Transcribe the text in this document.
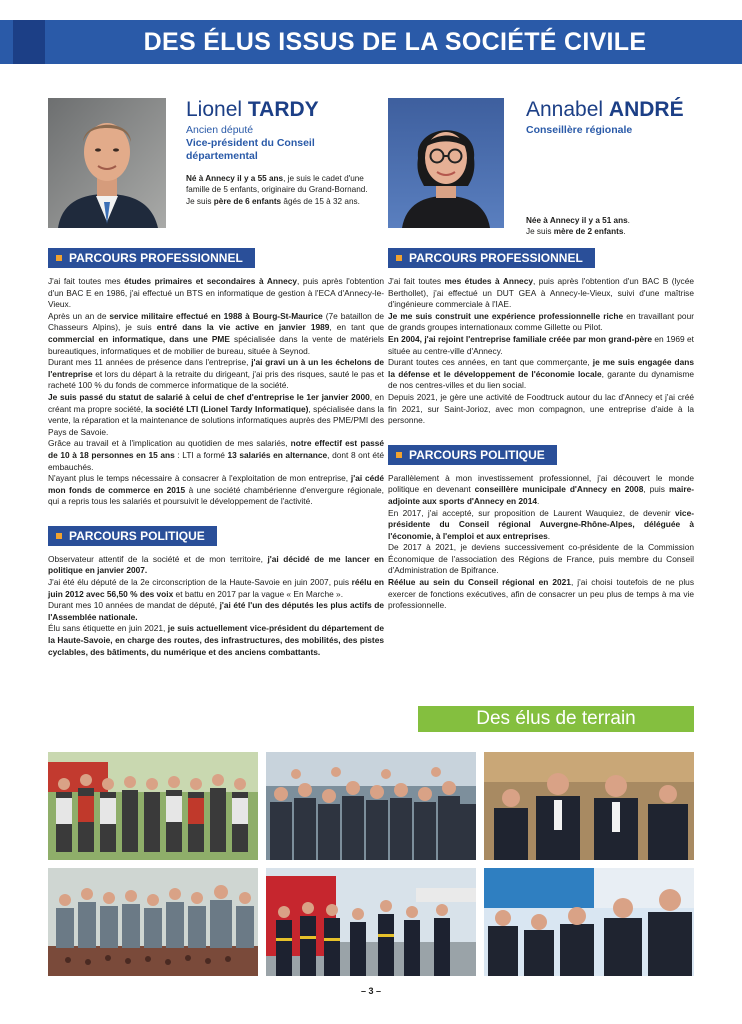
DES ÉLUS ISSUS DE LA SOCIÉTÉ CIVILE
Lionel TARDY
Ancien député
Vice-président du Conseil départemental

Né à Annecy il y a 55 ans, je suis le cadet d'une famille de 5 enfants, originaire du Grand-Bornand.

Je suis père de 6 enfants âgés de 15 à 32 ans.

PARCOURS PROFESSIONNEL

J'ai fait toutes mes études primaires et secondaires à Annecy, puis après l'obtention d'un BAC E en 1986, j'ai effectué un BTS en informatique de gestion à l'ECA d'Annecy-le-Vieux.

Après un an de service militaire effectué en 1988 à Bourg-St-Maurice (7e bataillon de Chasseurs Alpins), je suis entré dans la vie active en janvier 1989, en tant que commercial en informatique, dans une PME spécialisée dans la vente de matériels bureautiques, informatiques et de mobilier de bureau, située à Seynod.

Durant mes 11 années de présence dans l'entreprise, j'ai gravi un à un les échelons de l'entreprise et lors du départ à la retraite du dirigeant, j'ai pris des risques, sauté le pas et racheté 100 % du fonds de commerce informatique de la société.

Je suis passé du statut de salarié à celui de chef d'entreprise le 1er janvier 2000, en créant ma propre société, la société LTI (Lionel Tardy Informatique), spécialisée dans la vente, la réparation et la maintenance de solutions informatiques auprès des PME/PMI des Pays de Savoie.

Grâce au travail et à l'implication au quotidien de mes salariés, notre effectif est passé de 10 à 18 personnes en 15 ans : LTI a formé 13 salariés en alternance, dont 8 ont été embauchés.

N'ayant plus le temps nécessaire à consacrer à l'exploitation de mon entreprise, j'ai cédé mon fonds de commerce en 2015 à une société chambérienne d'envergure régionale, qui a repris tous les salariés et poursuivit le développement de l'activité.

PARCOURS POLITIQUE

Observateur attentif de la société et de mon territoire, j'ai décidé de me lancer en politique en janvier 2007.

J'ai été élu député de la 2e circonscription de la Haute-Savoie en juin 2007, puis réélu en juin 2012 avec 56,50 % des voix et battu en 2017 par la vague « En Marche ».

Durant mes 10 années de mandat de député, j'ai été l'un des députés les plus actifs de l'Assemblée nationale.

Élu sans étiquette en juin 2021, je suis actuellement vice-président du département de la Haute-Savoie, en charge des routes, des infrastructures, des mobilités, des pistes cyclables, des bâtiments, du numérique et des anciens combattants.

Annabel ANDRÉ
Conseillère régionale

Née à Annecy il y a 51 ans.

Je suis mère de 2 enfants.

PARCOURS PROFESSIONNEL

J'ai fait toutes mes études à Annecy, puis après l'obtention d'un BAC B (lycée Berthollet), j'ai effectué un DUT GEA à Annecy-le-Vieux, suivi d'une maîtrise d'ingénieure commerciale à l'IAE.

Je me suis construit une expérience professionnelle riche en travaillant pour de grands groupes internationaux comme Gillette ou Pilot.

En 2004, j'ai rejoint l'entreprise familiale créée par mon grand-père en 1969 et située au centre-ville d'Annecy.

Durant toutes ces années, en tant que commerçante, je me suis engagée dans la défense et le développement de l'économie locale, garante du dynamisme de nos centres-villes et du lien social.

Depuis 2021, je gère une activité de Foodtruck autour du lac d'Annecy et j'ai créé fin 2021, sur Saint-Jorioz, avec mon compagnon, une entreprise d'aide à la personne.

PARCOURS POLITIQUE

Parallèlement à mon investissement professionnel, j'ai découvert le monde politique en devenant conseillère municipale d'Annecy en 2008, puis maire-adjointe aux sports d'Annecy en 2014.

En 2017, j'ai accepté, sur proposition de Laurent Wauquiez, de devenir vice-présidente du Conseil régional Auvergne-Rhône-Alpes, déléguée à l'économie, à l'emploi et aux entreprises.

De 2017 à 2021, je deviens successivement co-présidente de la Commission Économique de l'association des Régions de France, puis membre du Conseil d'Administration de Bpifrance.

Réélue au sein du Conseil régional en 2021, j'ai choisi toutefois de ne plus exercer de fonctions exécutives, afin de consacrer un peu plus de temps à ma vie professionnelle.

Des élus de terrain
– 3 –
